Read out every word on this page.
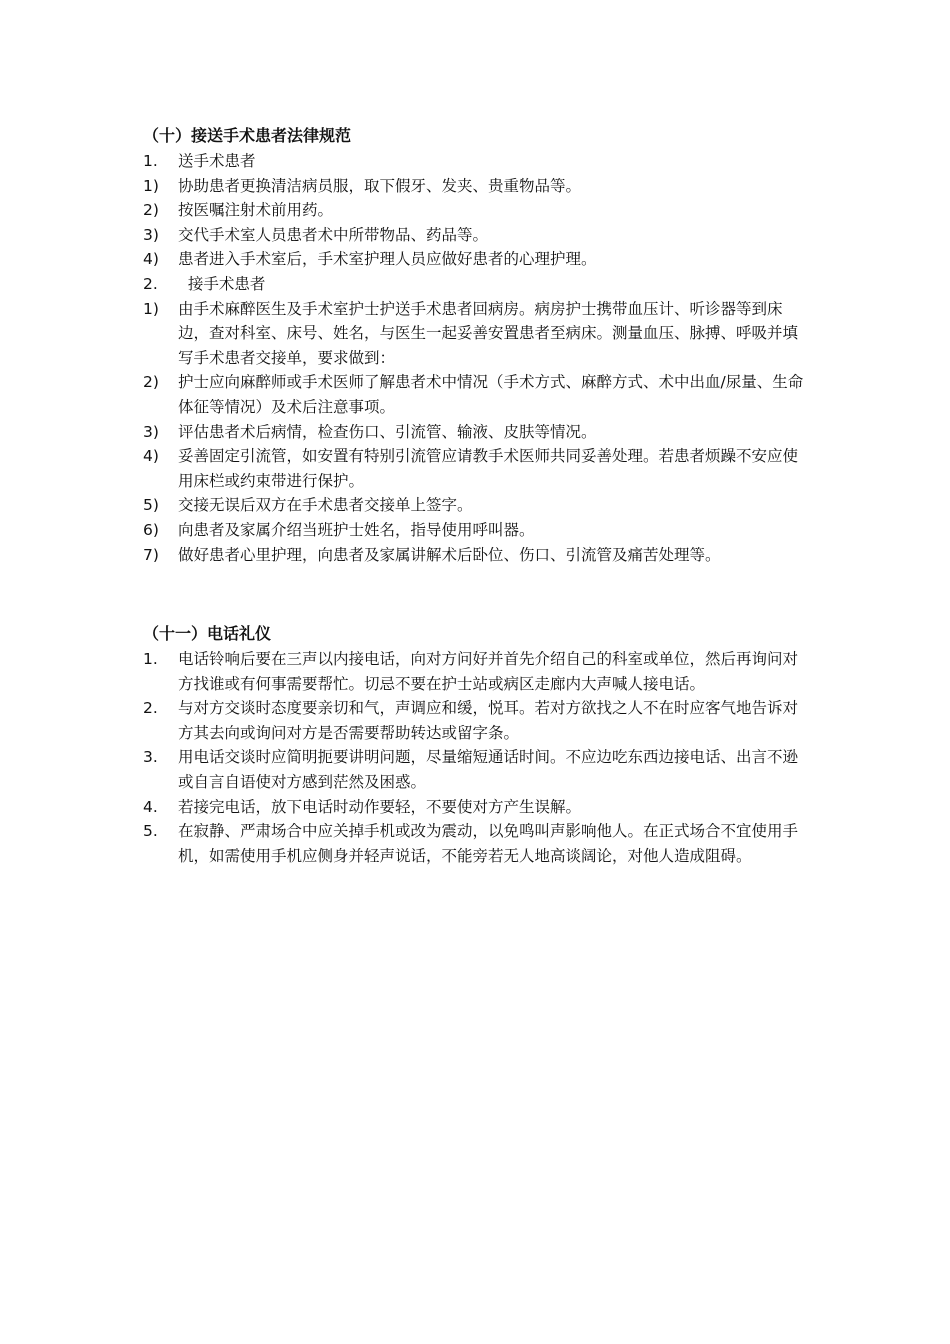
（十）接送手术患者法律规范
1.	送手术患者
1)	协助患者更换清洁病员服，取下假牙、发夹、贵重物品等。
2)	按医嘱注射术前用药。
3)	交代手术室人员患者术中所带物品、药品等。
4)	患者进入手术室后，手术室护理人员应做好患者的心理护理。
2.	接手术患者
1)	由手术麻醉医生及手术室护士护送手术患者回病房。病房护士携带血压计、听诊器等到床边，查对科室、床号、姓名，与医生一起妥善安置患者至病床。测量血压、脉搏、呼吸并填写手术患者交接单，要求做到：
2)	护士应向麻醉师或手术医师了解患者术中情况（手术方式、麻醉方式、术中出血/尿量、生命体征等情况）及术后注意事项。
3)	评估患者术后病情，检查伤口、引流管、输液、皮肤等情况。
4)	妥善固定引流管，如安置有特别引流管应请教手术医师共同妥善处理。若患者烦躁不安应使用床栏或约束带进行保护。
5)	交接无误后双方在手术患者交接单上签字。
6)	向患者及家属介绍当班护士姓名，指导使用呼叫器。
7)	做好患者心里护理，向患者及家属讲解术后卧位、伤口、引流管及痛苦处理等。
（十一）电话礼仪
1.	电话铃响后要在三声以内接电话，向对方问好并首先介绍自己的科室或单位，然后再询问对方找谁或有何事需要帮忙。切忌不要在护士站或病区走廊内大声喊人接电话。
2.	与对方交谈时态度要亲切和气，声调应和缓，悦耳。若对方欲找之人不在时应客气地告诉对方其去向或询问对方是否需要帮助转达或留字条。
3.	用电话交谈时应简明扼要讲明问题，尽量缩短通话时间。不应边吃东西边接电话、出言不逊或自言自语使对方感到茫然及困惑。
4.	若接完电话，放下电话时动作要轻，不要使对方产生误解。
5.	在寂静、严肃场合中应关掉手机或改为震动，以免鸣叫声影响他人。在正式场合不宜使用手机，如需使用手机应侧身并轻声说话，不能旁若无人地高谈阔论，对他人造成阻碍。
